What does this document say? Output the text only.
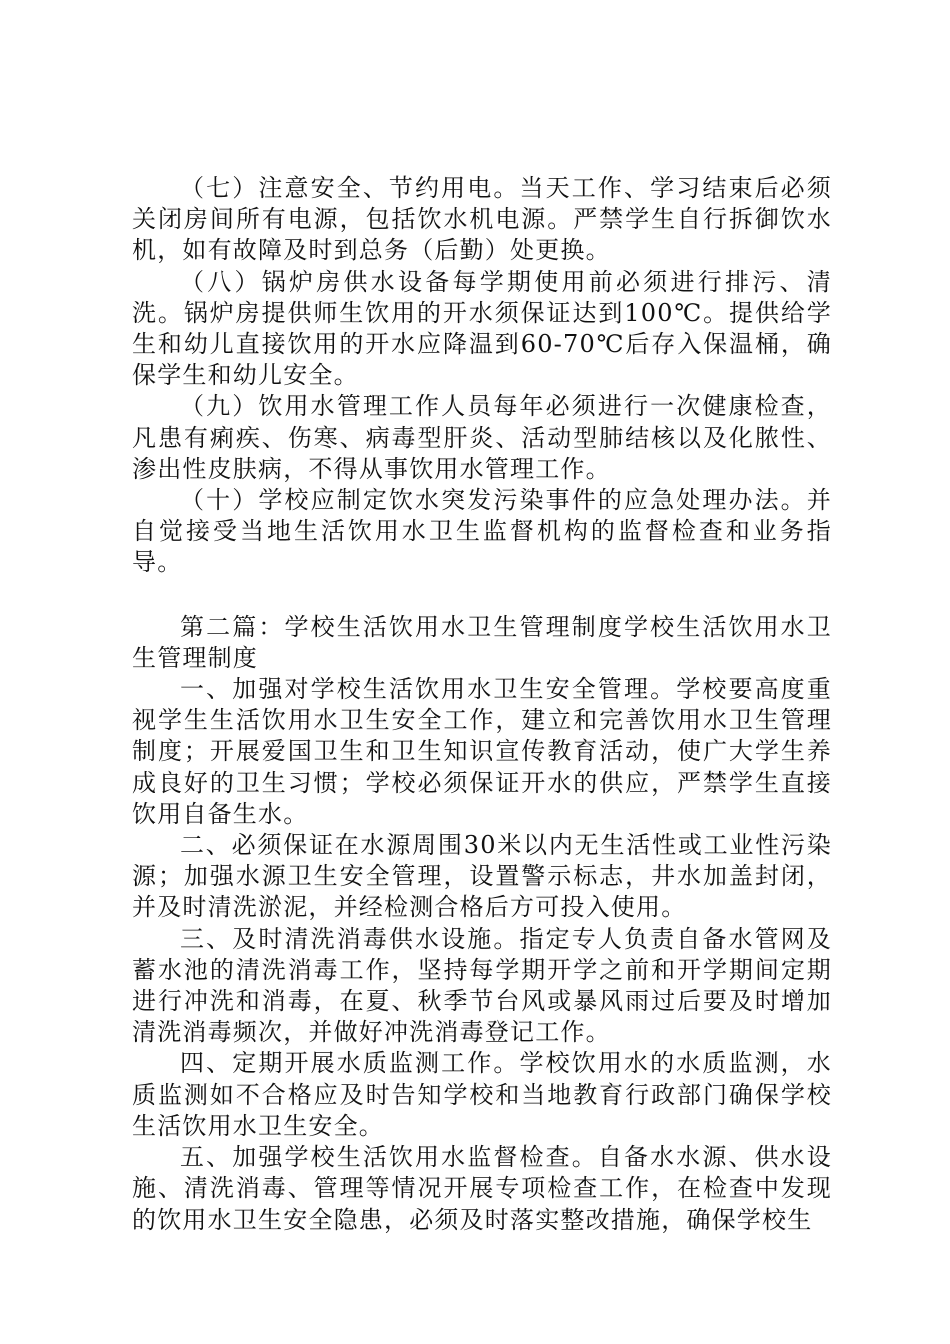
（七）注意安全、节约用电。当天工作、学习结束后必须关闭房间所有电源，包括饮水机电源。严禁学生自行拆御饮水机，如有故障及时到总务（后勤）处更换。

（八）锅炉房供水设备每学期使用前必须进行排污、清洗。锅炉房提供师生饮用的开水须保证达到100℃。提供给学生和幼儿直接饮用的开水应降温到60-70℃后存入保温桶，确保学生和幼儿安全。

（九）饮用水管理工作人员每年必须进行一次健康检查，凡患有痢疾、伤寒、病毒型肝炎、活动型肺结核以及化脓性、渗出性皮肤病，不得从事饮用水管理工作。

（十）学校应制定饮水突发污染事件的应急处理办法。并自觉接受当地生活饮用水卫生监督机构的监督检查和业务指导。

第二篇：学校生活饮用水卫生管理制度学校生活饮用水卫生管理制度

一、加强对学校生活饮用水卫生安全管理。学校要高度重视学生生活饮用水卫生安全工作，建立和完善饮用水卫生管理制度；开展爱国卫生和卫生知识宣传教育活动，使广大学生养成良好的卫生习惯；学校必须保证开水的供应，严禁学生直接饮用自备生水。

二、必须保证在水源周围30米以内无生活性或工业性污染源；加强水源卫生安全管理，设置警示标志，井水加盖封闭，并及时清洗淤泥，并经检测合格后方可投入使用。

三、及时清洗消毒供水设施。指定专人负责自备水管网及蓄水池的清洗消毒工作，坚持每学期开学之前和开学期间定期进行冲洗和消毒，在夏、秋季节台风或暴风雨过后要及时增加清洗消毒频次，并做好冲洗消毒登记工作。

四、定期开展水质监测工作。学校饮用水的水质监测，水质监测如不合格应及时告知学校和当地教育行政部门确保学校生活饮用水卫生安全。

五、加强学校生活饮用水监督检查。自备水水源、供水设施、清洗消毒、管理等情况开展专项检查工作，在检查中发现的饮用水卫生安全隐患，必须及时落实整改措施，确保学校生
